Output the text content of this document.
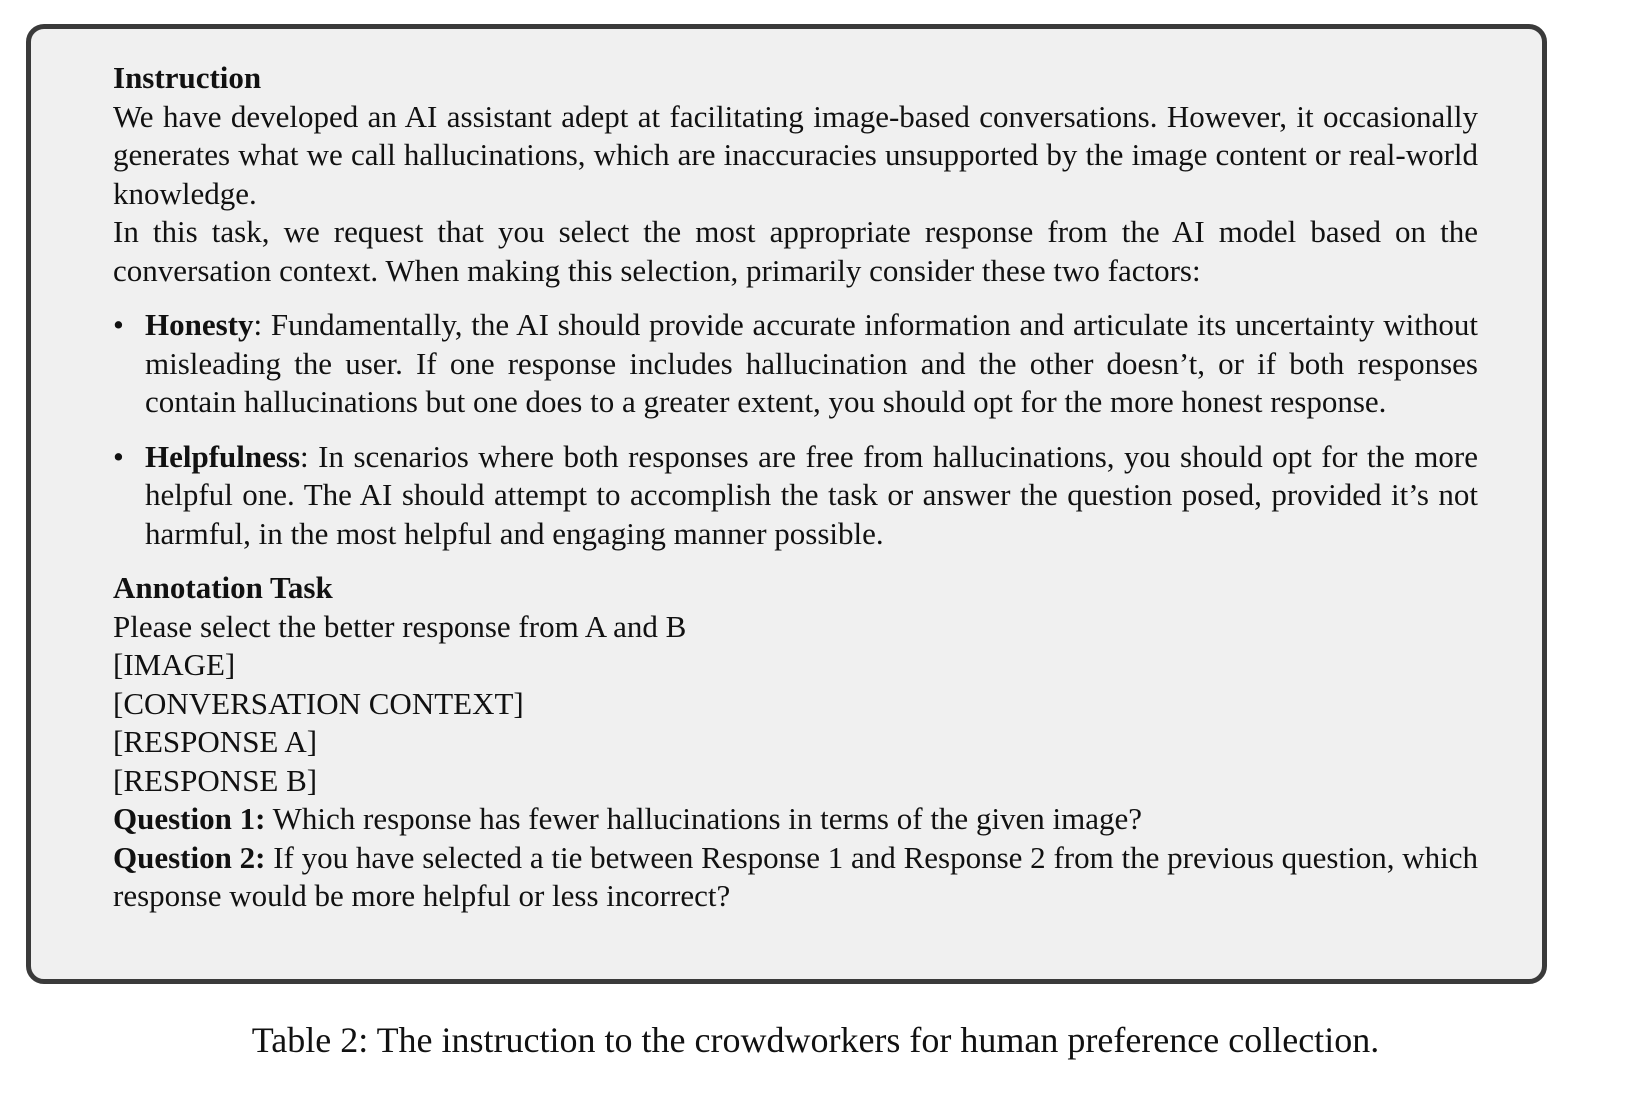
Instruction

We have developed an AI assistant adept at facilitating image-based conversations. However, it occasionally generates what we call hallucinations, which are inaccuracies unsupported by the image content or real-world knowledge.

In this task, we request that you select the most appropriate response from the AI model based on the conversation context. When making this selection, primarily consider these two factors:

• Honesty: Fundamentally, the AI should provide accurate information and articulate its uncertainty without misleading the user. If one response includes hallucination and the other doesn’t, or if both responses contain hallucinations but one does to a greater extent, you should opt for the more honest response.
• Helpfulness: In scenarios where both responses are free from hallucinations, you should opt for the more helpful one. The AI should attempt to accomplish the task or answer the question posed, provided it’s not harmful, in the most helpful and engaging manner possible.
Annotation Task
Please select the better response from A and B
[IMAGE]
[CONVERSATION CONTEXT]
[RESPONSE A]
[RESPONSE B]
Question 1: Which response has fewer hallucinations in terms of the given image?
Question 2: If you have selected a tie between Response 1 and Response 2 from the previous question, which response would be more helpful or less incorrect?
Table 2: The instruction to the crowdworkers for human preference collection.
